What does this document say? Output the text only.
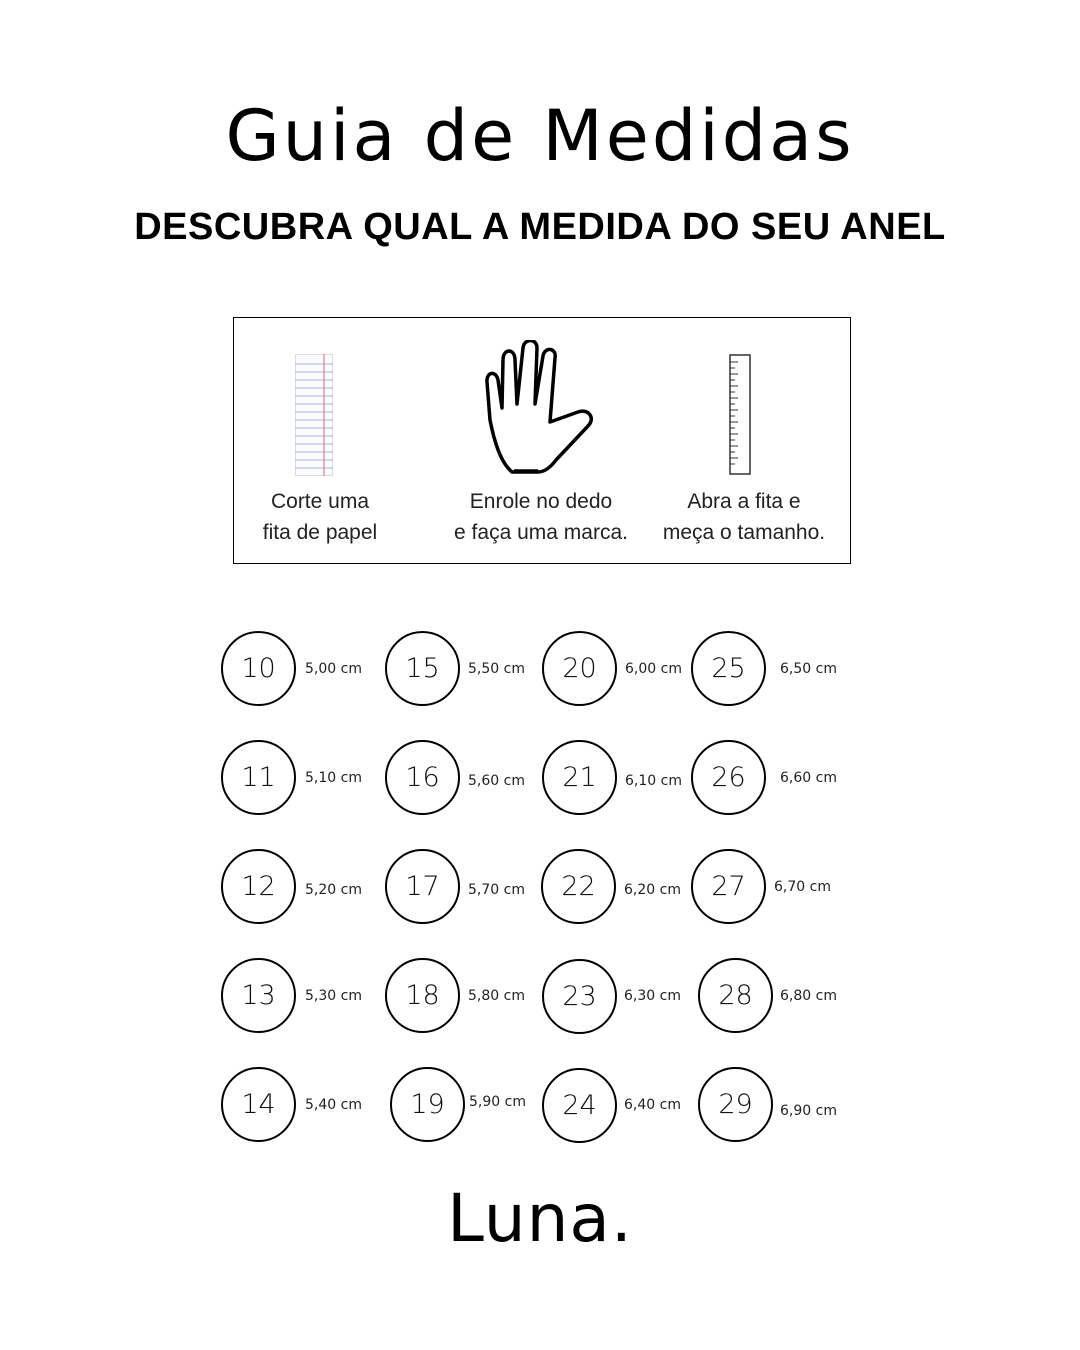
Guia de Medidas
DESCUBRA QUAL A MEDIDA DO SEU ANEL
Corte uma
fita de papel
Enrole no dedo
e faça uma marca.
Abra a fita e
meça o tamanho.
10	5,00 cm
11	5,10 cm
12	5,20 cm
13	5,30 cm
14	5,40 cm
15	5,50 cm
16	5,60 cm
17	5,70 cm
18	5,80 cm
19	5,90 cm
20	6,00 cm
21	6,10 cm
22	6,20 cm
23	6,30 cm
24	6,40 cm
25	6,50 cm
26	6,60 cm
27	6,70 cm
28	6,80 cm
29	6,90 cm
Luna.
